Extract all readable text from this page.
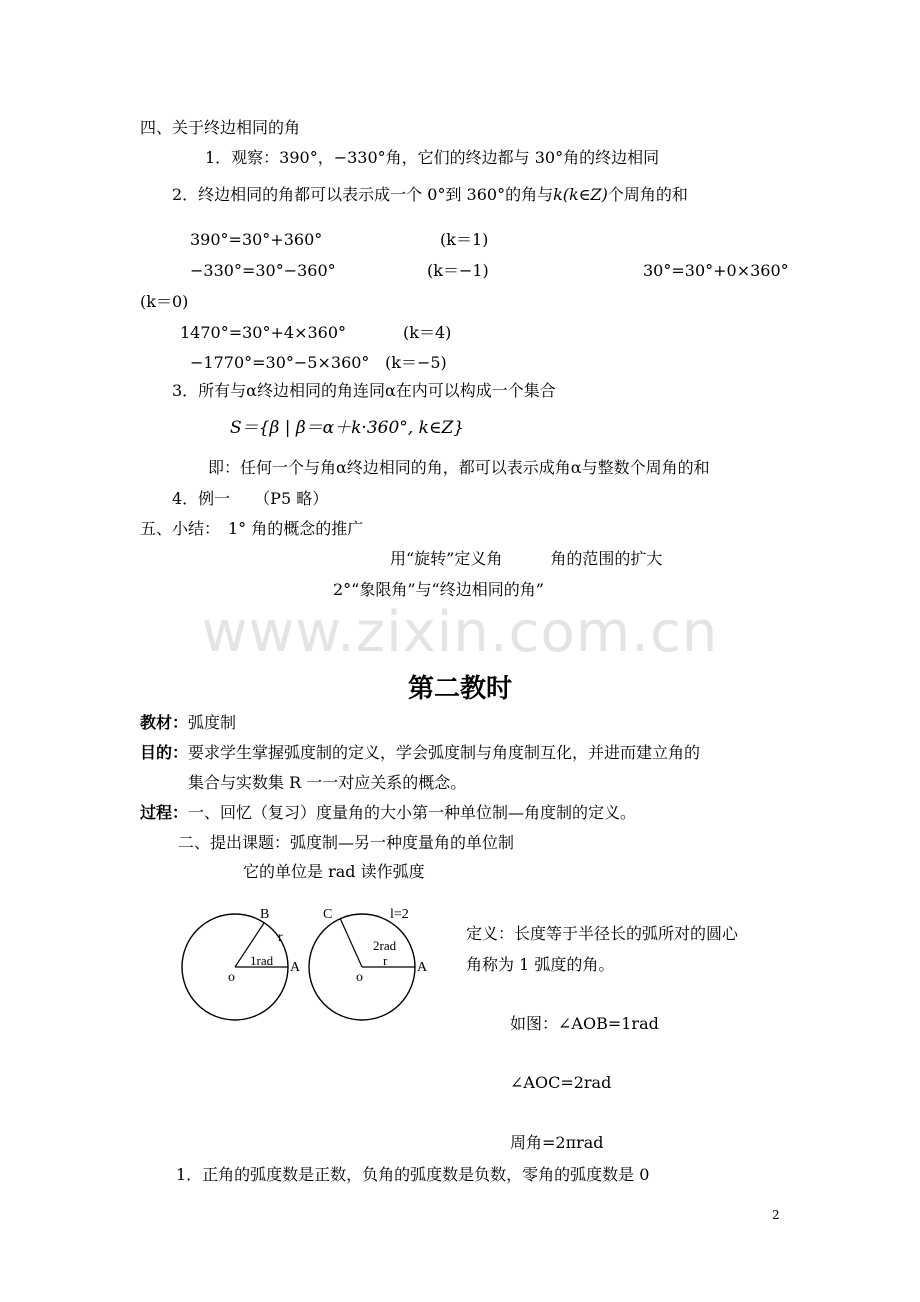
四、关于终边相同的角
1．观察：390°，−330°角，它们的终边都与 30°角的终边相同
2．终边相同的角都可以表示成一个 0°到 360°的角与k(k∈Z)个周角的和
390°=30°+360°	(k＝1)
−330°=30°−360°	(k＝−1)	30°=30°+0×360°
(k＝0)
1470°=30°+4×360°	(k＝4)
−1770°=30°−5×360° (k＝−5)
3．所有与α终边相同的角连同α在内可以构成一个集合
S＝{β | β＝α＋k·360°, k∈Z}
即：任何一个与角α终边相同的角，都可以表示成角α与整数个周角的和
4．例一　　（P5 略）
五、小结：　1° 角的概念的推广
用“旋转”定义角　　　角的范围的扩大
2°“象限角”与“终边相同的角”
www.zixin.com.cn
第二教时
教材：弧度制
目的：要求学生掌握弧度制的定义，学会弧度制与角度制互化，并进而建立角的
集合与实数集 R 一一对应关系的概念。
过程：一、回忆（复习）度量角的大小第一种单位制—角度制的定义。
二、提出课题：弧度制—另一种度量角的单位制
它的单位是 rad 读作弧度
B
r
1rad A
o
C	l=2
2rad
r A
o
定义：长度等于半径长的弧所对的圆心
角称为 1 弧度的角。
如图：∠AOB=1rad
∠AOC=2rad
周角=2πrad
1．正角的弧度数是正数，负角的弧度数是负数，零角的弧度数是 0
2
